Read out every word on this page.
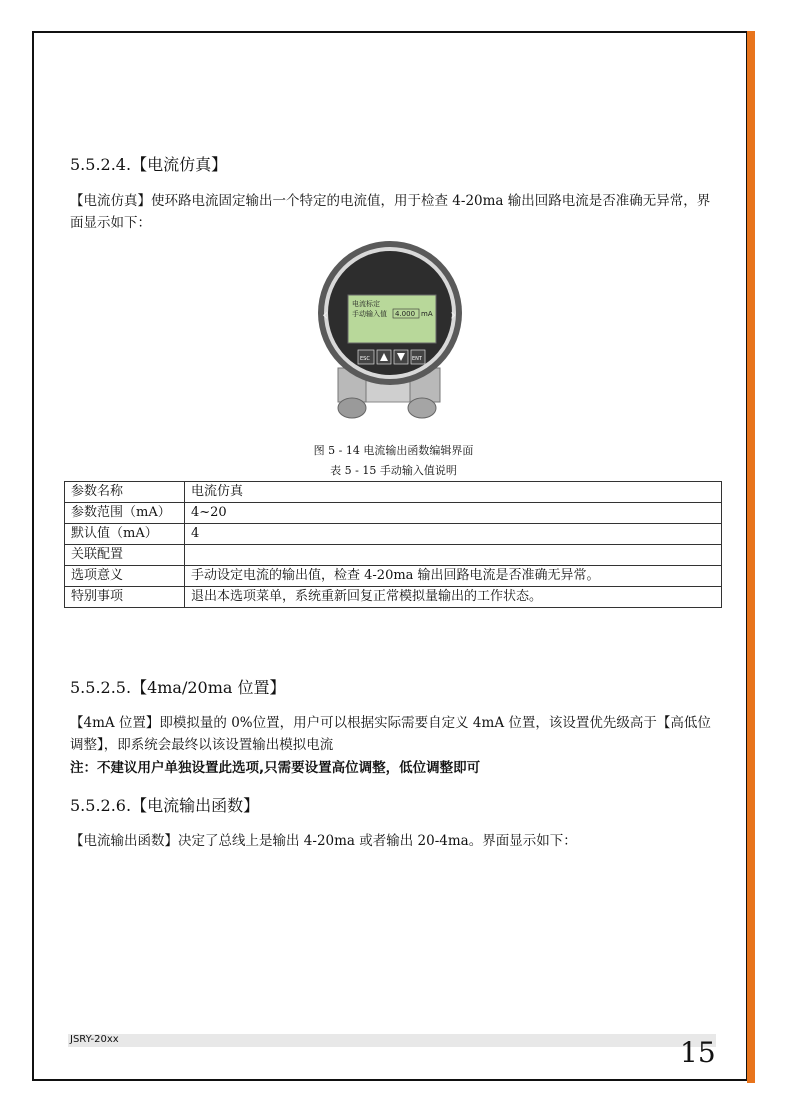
5.5.2.4.【电流仿真】
【电流仿真】使环路电流固定输出一个特定的电流值，用于检查 4-20ma 输出回路电流是否准确无异常，界面显示如下：
‹	›
电流标定
手动输入值 4.000 mA
ESC	ENT
图 5 - 14 电流输出函数编辑界面
表 5 - 15 手动输入值说明
参数名称	电流仿真
参数范围（mA）	4~20
默认值（mA）	4
关联配置	
选项意义	手动设定电流的输出值，检查 4-20ma 输出回路电流是否准确无异常。
特别事项	退出本选项菜单，系统重新回复正常模拟量输出的工作状态。
5.5.2.5.【4ma/20ma 位置】
【4mA 位置】即模拟量的 0%位置，用户可以根据实际需要自定义 4mA 位置，该设置优先级高于【高低位调整】，即系统会最终以该设置输出模拟电流
注：不建议用户单独设置此选项,只需要设置高位调整，低位调整即可
5.5.2.6.【电流输出函数】
【电流输出函数】决定了总线上是输出 4-20ma 或者输出 20-4ma。界面显示如下：
JSRY-20xx	15
